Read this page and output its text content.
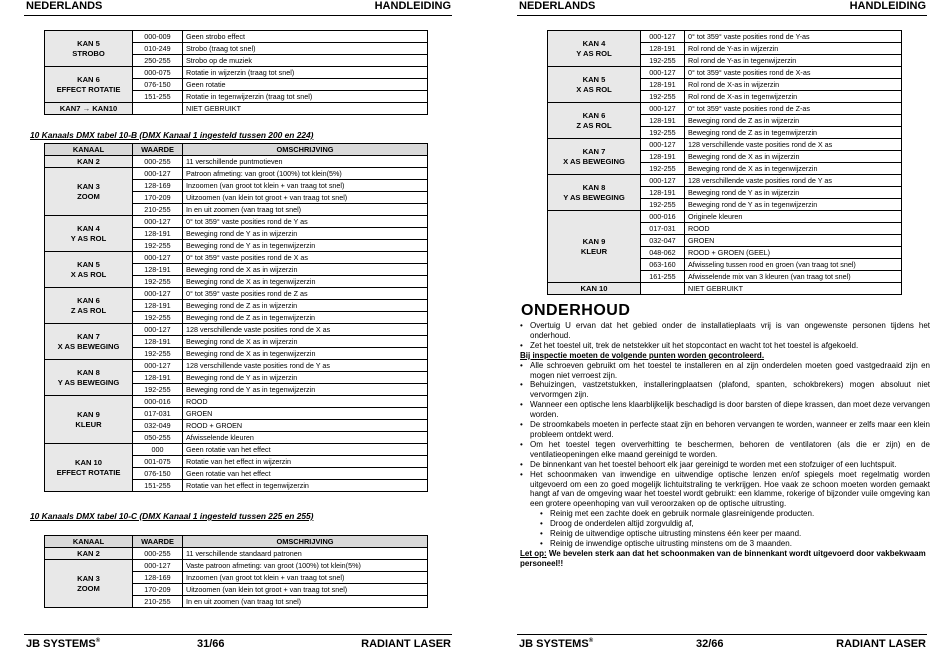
NEDERLANDS	HANDLEIDING
KAN 5
STROBO	000-009	Geen strobo effect
	010-249	Strobo (traag tot snel)
	250-255	Strobo op de muziek

KAN 6
EFFECT ROTATIE	000-075	Rotatie in wijzerzin (traag tot snel)
	076-150	Geen rotatie
	151-255	Rotatie in tegenwijzerzin (traag tot snel)

KAN7 → KAN10		NIET GEBRUIKT
10 Kanaals DMX tabel 10-B (DMX Kanaal 1 ingesteld tussen 200 en 224)
KANAAL	WAARDE	OMSCHRIJVING

KAN 2	000-255	11 verschillende puntmotieven

KAN 3
ZOOM	000-127	Patroon afmeting: van groot (100%) tot klein(5%)
	128-169	Inzoomen (van groot tot klein + van traag tot snel)
	170-209	Uitzoomen (van klein tot groot + van traag tot snel)
	210-255	In en uit zoomen (van traag tot snel)

KAN 4
Y AS ROL	000-127	0° tot 359° vaste posities rond de Y as
	128-191	Beweging rond de Y as in wijzerzin
	192-255	Beweging rond de Y as in tegenwijzerzin

KAN 5
X AS ROL	000-127	0° tot 359° vaste posities rond de X as
	128-191	Beweging rond de X as in wijzerzin
	192-255	Beweging rond de X as in tegenwijzerzin

KAN 6
Z AS ROL	000-127	0° tot 359° vaste posities rond de Z as
	128-191	Beweging rond de Z as in wijzerzin
	192-255	Beweging rond de Z as in tegenwijzerzin

KAN 7
X AS BEWEGING	000-127	128 verschillende vaste posities rond de X as
	128-191	Beweging rond de X as in wijzerzin
	192-255	Beweging rond de X as in tegenwijzerzin

KAN 8
Y AS BEWEGING	000-127	128 verschillende vaste posities rond de Y as
	128-191	Beweging rond de Y as in wijzerzin
	192-255	Beweging rond de Y as in tegenwijzerzin

KAN 9
KLEUR	000-016	ROOD
	017-031	GROEN
	032-049	ROOD + GROEN
	050-255	Afwisselende kleuren

KAN 10
EFFECT ROTATIE	000	Geen rotatie van het effect
	001-075	Rotatie van het effect in wijzerzin
	076-150	Geen rotatie van het effect
	151-255	Rotatie van het effect in tegenwijzerzin
10 Kanaals DMX tabel 10-C (DMX Kanaal 1 ingesteld tussen 225 en 255)
KANAAL	WAARDE	OMSCHRIJVING

KAN 2	000-255	11 verschillende standaard patronen

KAN 3
ZOOM	000-127	Vaste patroon afmeting: van groot (100%) tot klein(5%)
	128-169	Inzoomen (van groot tot klein + van traag tot snel)
	170-209	Uitzoomen (van klein tot groot + van traag tot snel)
	210-255	In en uit zoomen (van traag tot snel)
JB SYSTEMS®	31/66	RADIANT LASER
NEDERLANDS	HANDLEIDING
KAN 4
Y AS ROL	000-127	0° tot 359° vaste posities rond de Y-as
	128-191	Rol rond de Y-as in wijzerzin
	192-255	Rol rond de Y-as in tegenwijzerzin

KAN 5
X AS ROL	000-127	0° tot 359° vaste posities rond de X-as
	128-191	Rol rond de X-as in wijzerzin
	192-255	Rol rond de X-as in tegenwijzerzin

KAN 6
Z AS ROL	000-127	0° tot 359° vaste posities rond de Z-as
	128-191	Beweging rond de Z as in wijzerzin
	192-255	Beweging rond de Z as in tegenwijzerzin

KAN 7
X AS BEWEGING	000-127	128 verschillende vaste posities rond de X as
	128-191	Beweging rond de X as in wijzerzin
	192-255	Beweging rond de X as in tegenwijzerzin

KAN 8
Y AS BEWEGING	000-127	128 verschillende vaste posities rond de Y as
	128-191	Beweging rond de Y as in wijzerzin
	192-255	Beweging rond de Y as in tegenwijzerzin

KAN 9
KLEUR	000-016	Originele kleuren
	017-031	ROOD
	032-047	GROEN
	048-062	ROOD + GROEN (GEEL)
	063-160	Afwisseling tussen rood en groen (van traag tot snel)
	161-255	Afwisselende mix van 3 kleuren (van traag tot snel)

KAN 10		NIET GEBRUIKT
ONDERHOUD
• Overtuig U ervan dat het gebied onder de installatieplaats vrij is van ongewenste personen tijdens het onderhoud.
• Zet het toestel uit, trek de netstekker uit het stopcontact en wacht tot het toestel is afgekoeld.
Bij inspectie moeten de volgende punten worden gecontroleerd.
• Alle schroeven gebruikt om het toestel te installeren en al zijn onderdelen moeten goed vastgedraaid zijn en mogen niet verroest zijn.
• Behuizingen, vastzetstukken, installeringplaatsen (plafond, spanten, schokbrekers) mogen absoluut niet vervormgen zijn.
• Wanneer een optische lens klaarblijkelijk beschadigd is door barsten of diepe krassen, dan moet deze vervangen worden.
• De stroomkabels moeten in perfecte staat zijn en behoren vervangen te worden, wanneer er zelfs maar een klein probleem ontdekt werd.
• Om het toestel tegen oververhitting te beschermen, behoren de ventilatoren (als die er zijn) en de ventilatieopeningen elke maand gereinigd te worden.
• De binnenkant van het toestel behoort elk jaar gereinigd te worden met een stofzuiger of een luchtspuit.
• Het schoonmaken van inwendige en uitwendige optische lenzen en/of spiegels moet regelmatig worden uitgevoerd om een zo goed mogelijk lichtuitstraling te verkrijgen. Hoe vaak ze schoon moeten worden gemaakt hangt af van de omgeving waar het toestel wordt gebruikt: een klamme, rokerige of bijzonder vuile omgeving kan een grotere opeenhoping van vuil veroorzaken op de optische uitrusting.
• Reinig met een zachte doek en gebruik normale glasreinigende producten.
• Droog de onderdelen altijd zorgvuldig af,
• Reinig de uitwendige optische uitrusting minstens één keer per maand.
• Reinig de inwendige optische uitrusting minstens om de 3 maanden.
Let op: We bevelen sterk aan dat het schoonmaken van de binnenkant wordt uitgevoerd door vakbekwaam personeel!!
JB SYSTEMS®	32/66	RADIANT LASER
